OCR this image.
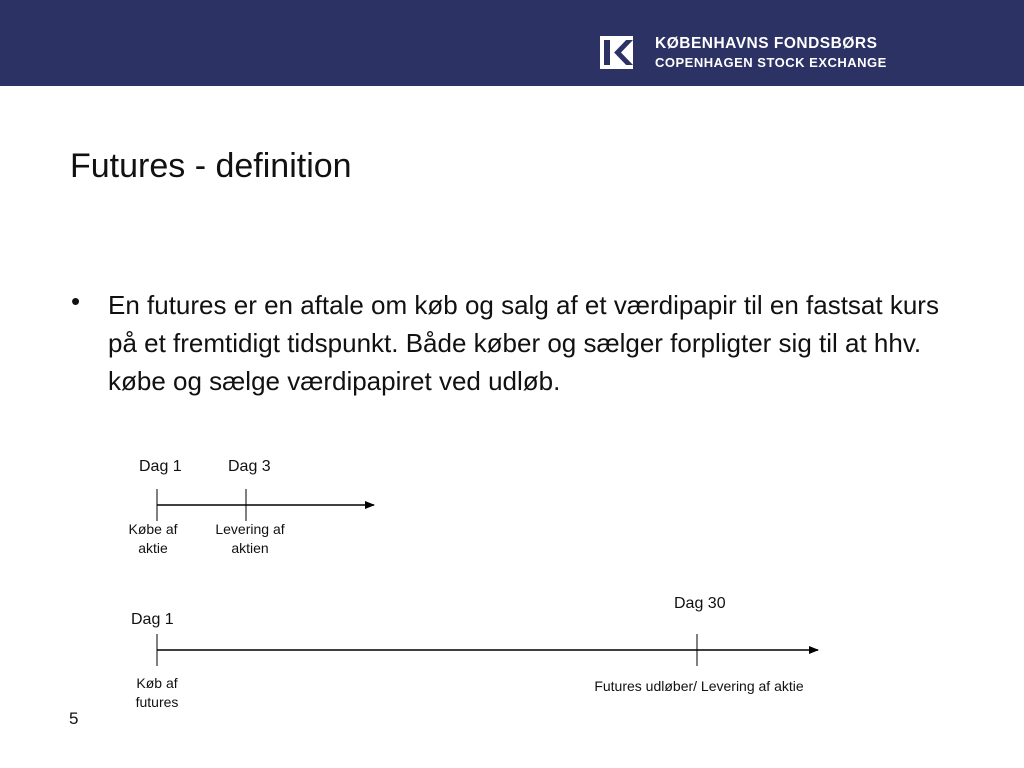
KØBENHAVNS FONDSBØRS
COPENHAGEN STOCK EXCHANGE
Futures - definition
• En futures er en aftale om køb og salg af et værdipapir til en fastsat kurs på et fremtidigt tidspunkt. Både køber og sælger forpligter sig til at hhv. købe og sælge værdipapiret ved udløb.
Dag 1	Dag 3
Købe af
aktie
Levering af
aktien
Dag 1
Dag 30
Køb af
futures
Futures udløber/ Levering af aktie
5
